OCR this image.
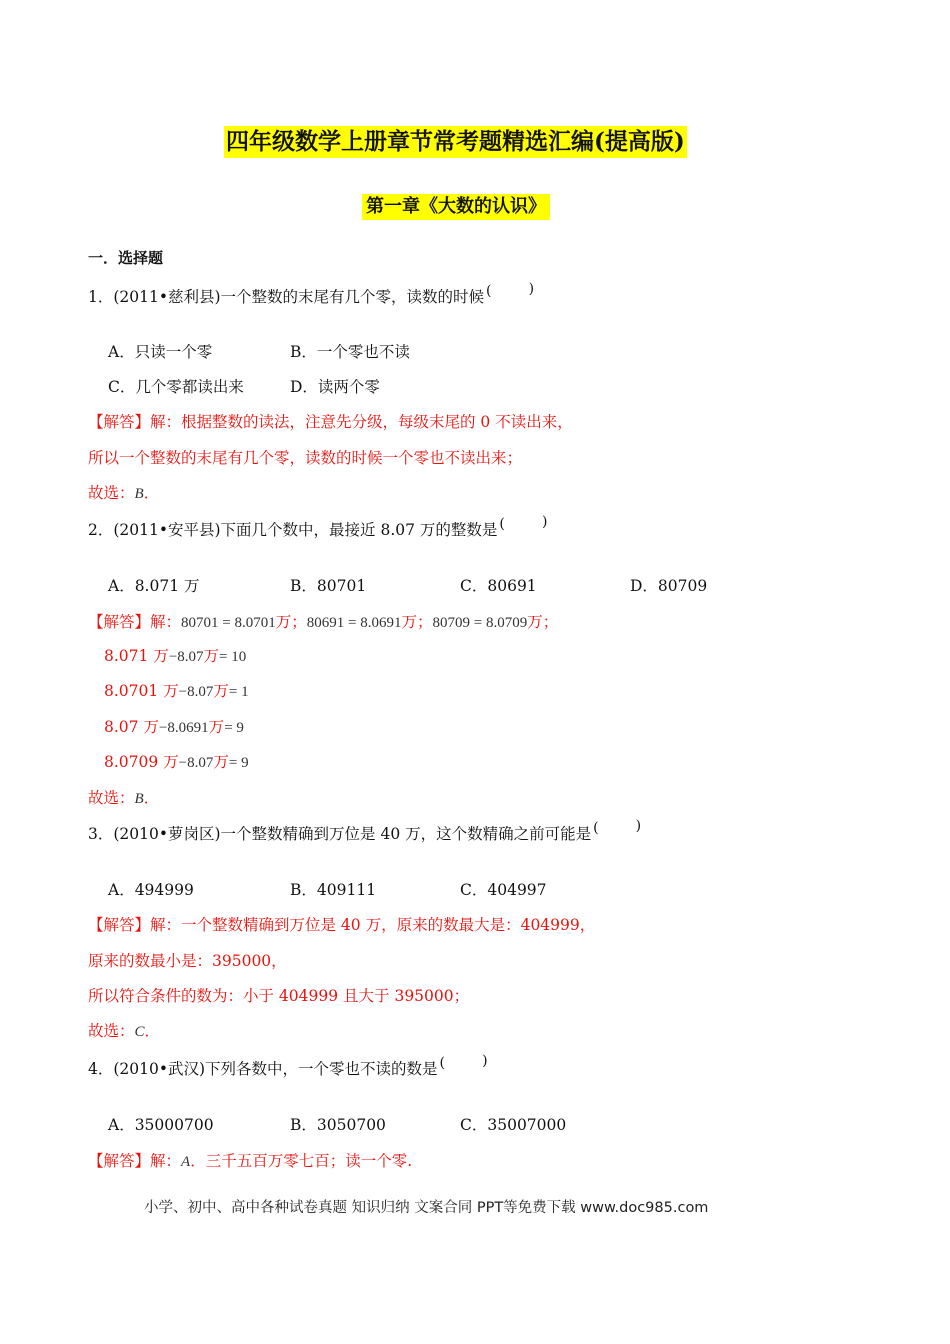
四年级数学上册章节常考题精选汇编(提高版)
第一章《大数的认识》
一．选择题
1．(2011•慈利县)一个整数的末尾有几个零，读数的时候 (	)
A．只读一个零	B．一个零也不读
C．几个零都读出来	D．读两个零
【解答】解：根据整数的读法，注意先分级，每级末尾的 0 不读出来，
所以一个整数的末尾有几个零，读数的时候一个零也不读出来；
故选：B．
2．(2011•安平县)下面几个数中，最接近 8.07 万的整数是 (	)
A．8.071 万	B．80701	C．80691	D．80709
【解答】解：80701 = 8.0701万；80691 = 8.0691万；80709 = 8.0709万；
8.071 万−8.07万= 10
8.0701 万−8.07万= 1
8.07 万−8.0691万= 9
8.0709 万−8.07万= 9
故选：B．
3．(2010•萝岗区)一个整数精确到万位是 40 万，这个数精确之前可能是 (	)
A．494999	B．409111	C．404997
【解答】解：一个整数精确到万位是 40 万，原来的数最大是：404999，
原来的数最小是：395000，
所以符合条件的数为：小于 404999 且大于 395000；
故选：C．
4．(2010•武汉)下列各数中，一个零也不读的数是 (	)
A．35000700	B．3050700	C．35007000
【解答】解：A．三千五百万零七百；读一个零.
小学、初中、高中各种试卷真题 知识归纳 文案合同 PPT等免费下载 www.doc985.com
